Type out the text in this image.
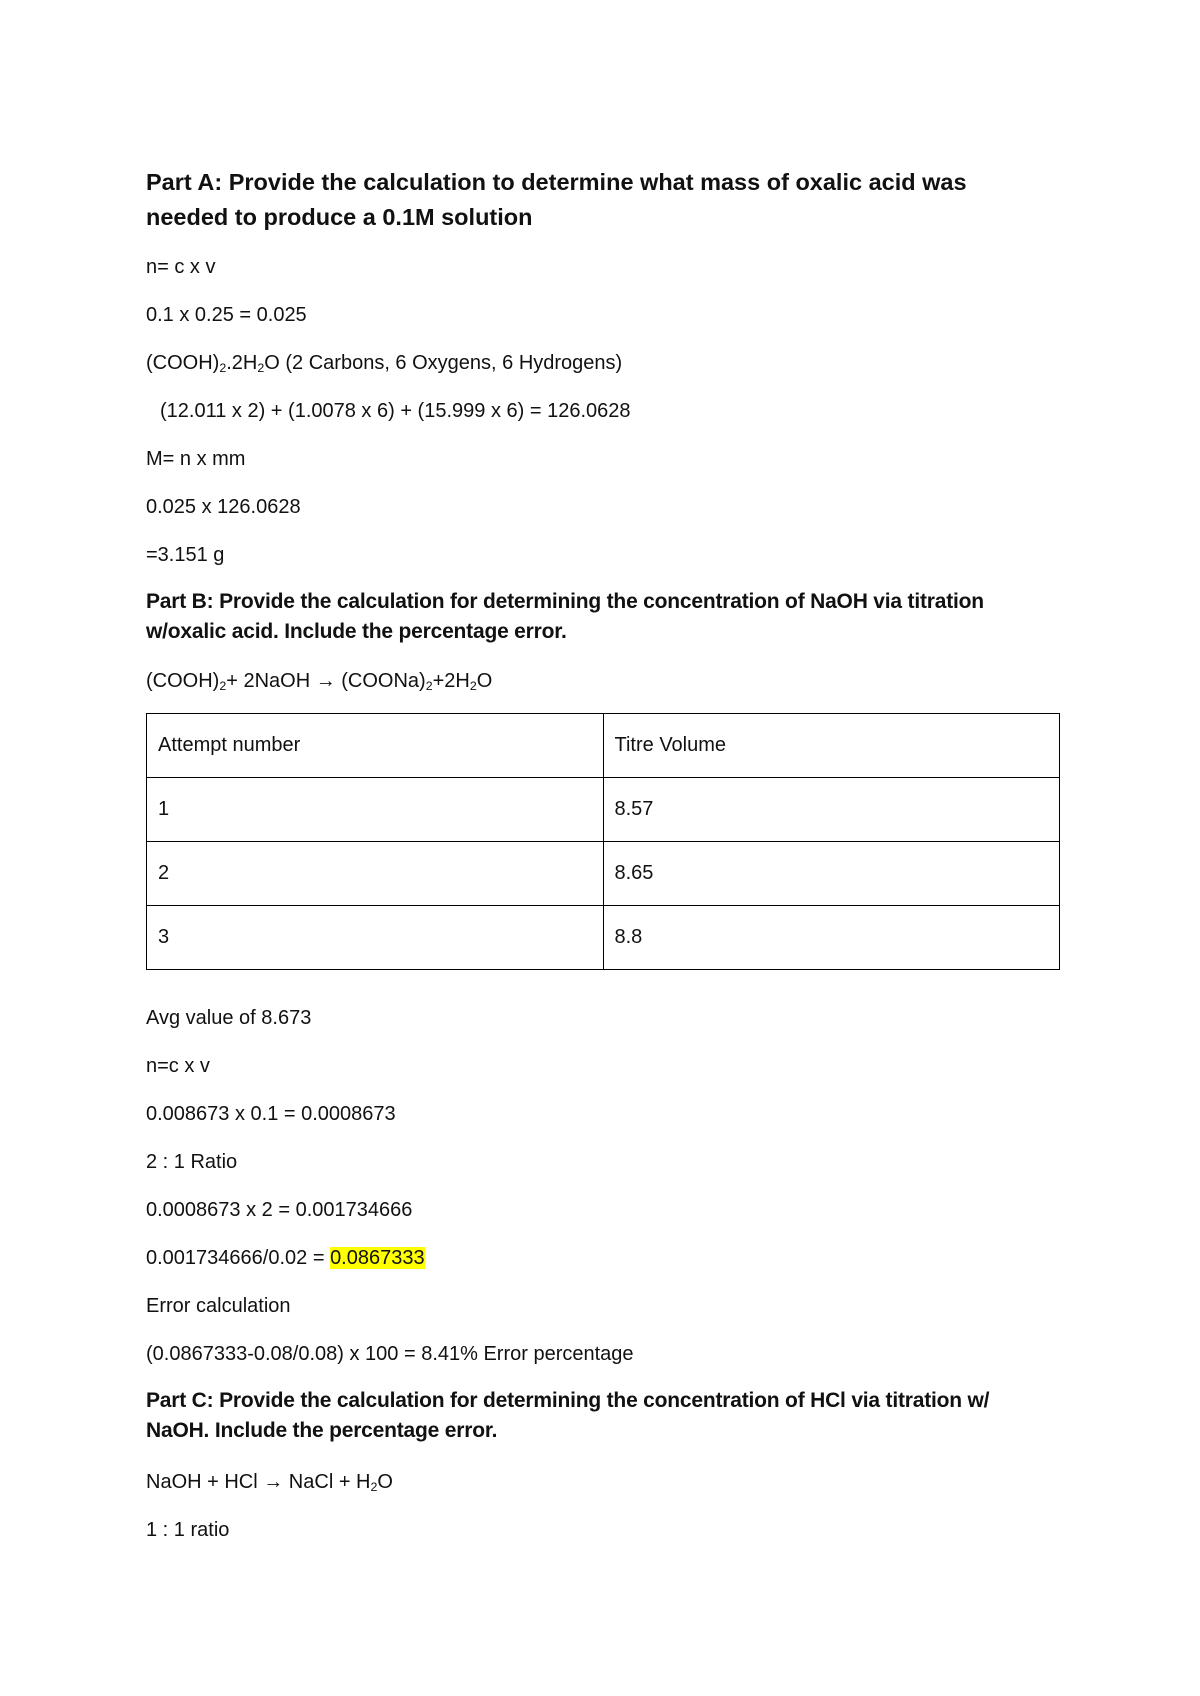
Part A: Provide the calculation to determine what mass of oxalic acid was
needed to produce a 0.1M solution
n= c x v
0.1 x 0.25 = 0.025
$(COOH)_2.2H_2O$ (2 Carbons, 6 Oxygens, 6 Hydrogens)
(12.011 x 2) + (1.0078 x 6) + (15.999 x 6) = 126.0628
M= n x mm
0.025 x 126.0628
=3.151 g
Part B: Provide the calculation for determining the concentration of NaOH via titration
w/oxalic acid. Include the percentage error.
$(COOH)_2+$ 2NaOH → $(COONa)_2+2H_2O$
Attempt number	Titre Volume
1	8.57
2	8.65
3	8.8
Avg value of 8.673
n=c x v
0.008673 x 0.1 = 0.0008673
2 : 1 Ratio
0.0008673 x 2 = 0.001734666
0.001734666/0.02 = 0.0867333
Error calculation
(0.0867333-0.08/0.08) x 100 = 8.41% Error percentage
Part C: Provide the calculation for determining the concentration of HCl via titration w/
NaOH. Include the percentage error.
NaOH + HCl → NaCl + $H_2O$
1 : 1 ratio
